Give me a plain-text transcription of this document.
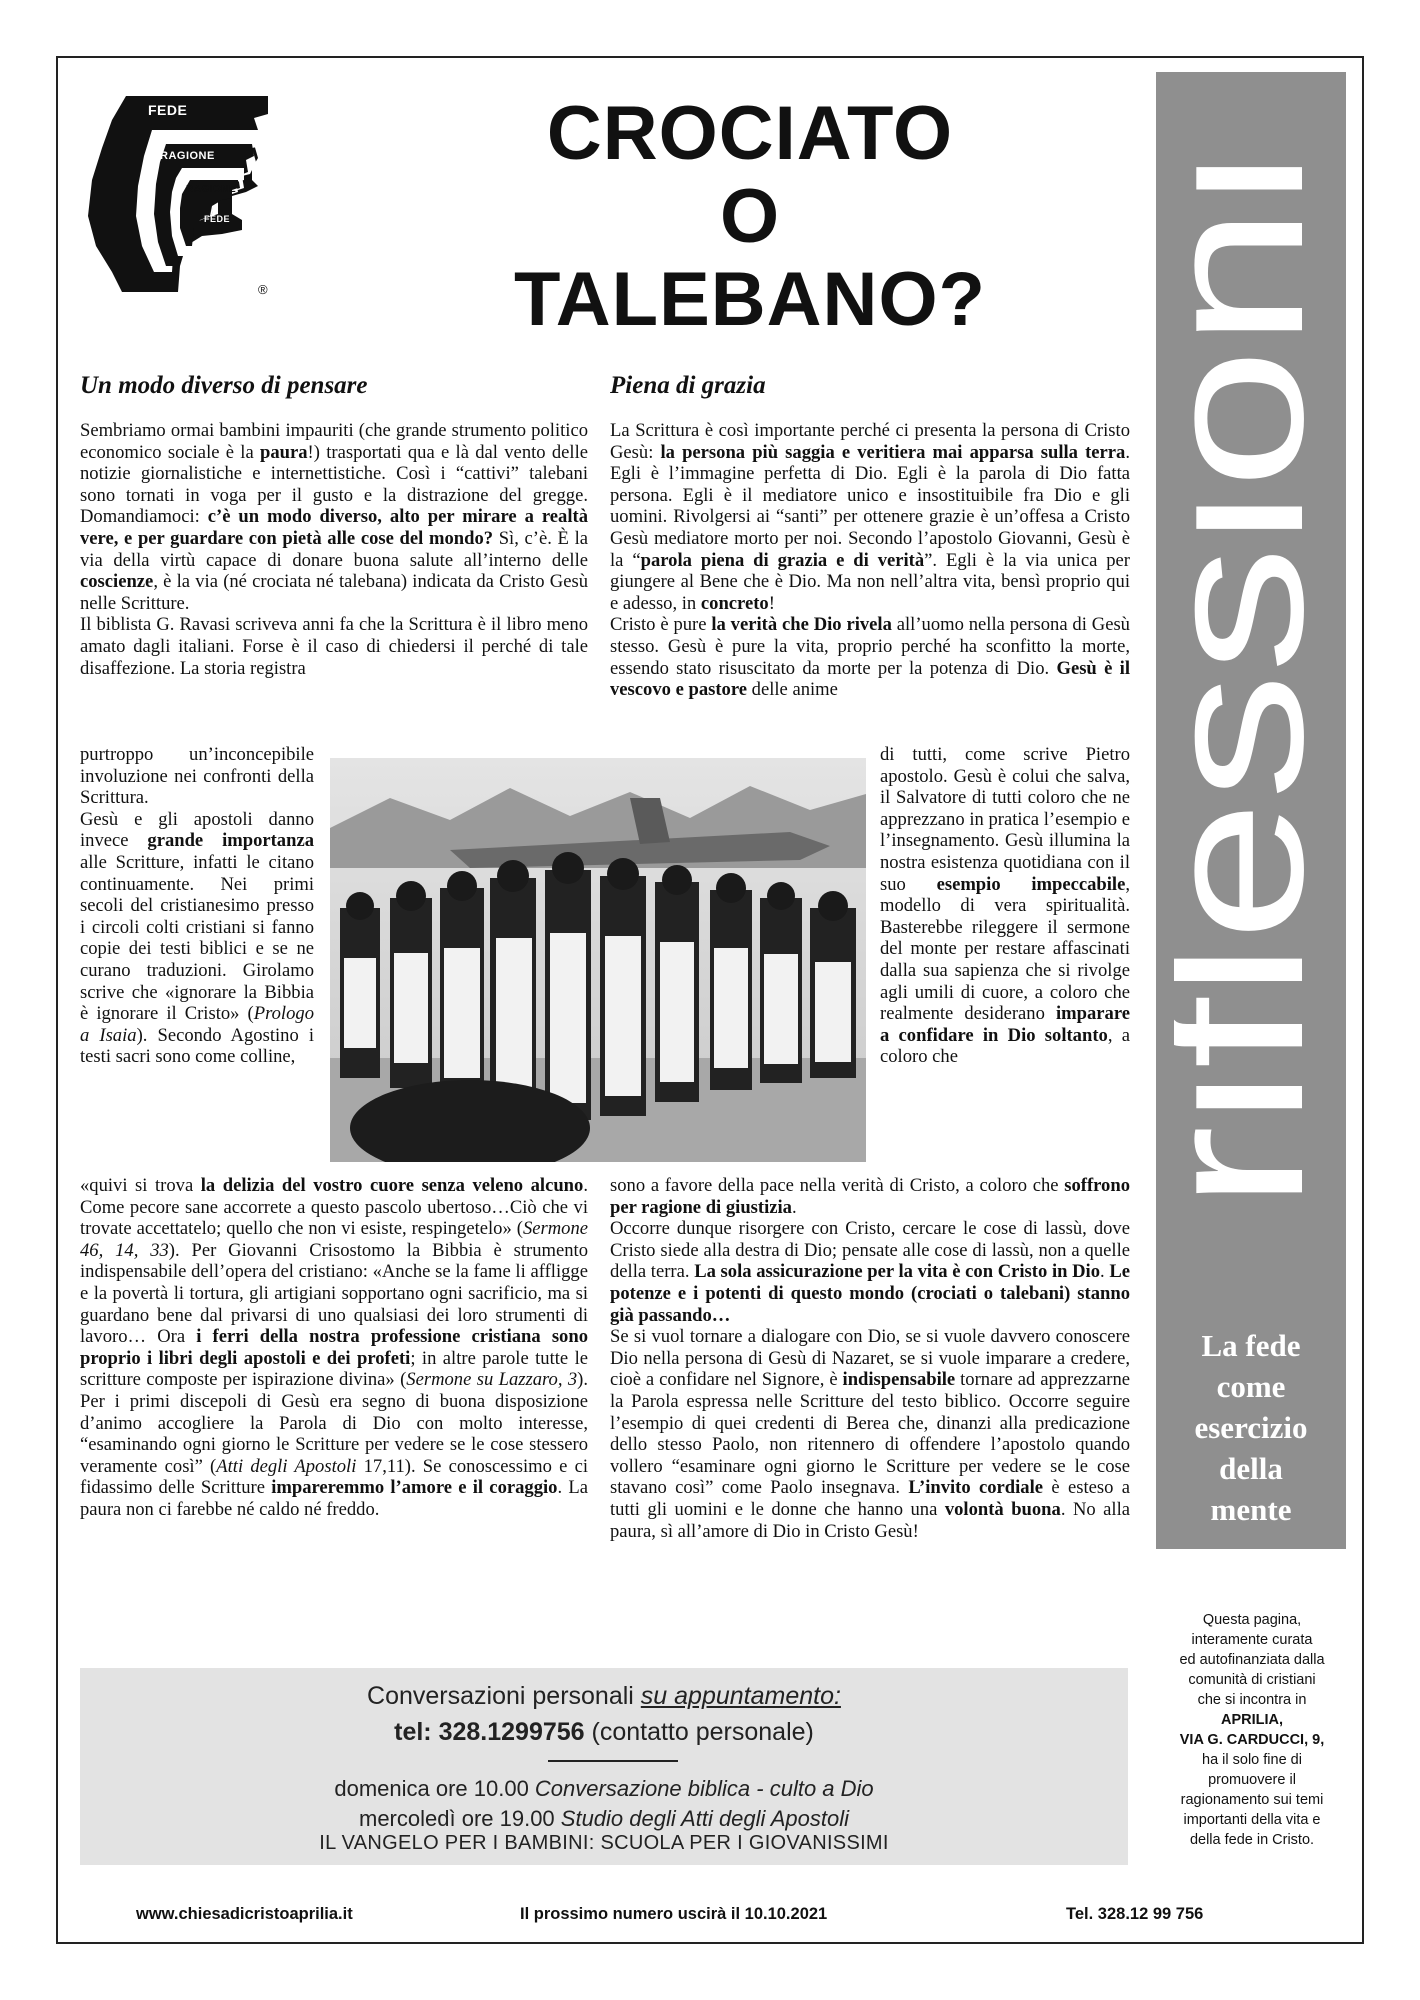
FEDE
RAGIONE
RAGIONE
FEDE
®
CROCIATO
O
TALEBANO?
Un modo diverso di pensare	Piena di grazia

Sembriamo ormai bambini impauriti (che grande strumento politico economico sociale è la paura!) trasportati qua e là dal vento delle notizie giornalistiche e internettistiche. Così i “cattivi” talebani sono tornati in voga per il gusto e la distrazione del gregge. Domandiamoci: c’è un modo diverso, alto per mirare a realtà vere, e per guardare con pietà alle cose del mondo? Sì, c’è. È la via della virtù capace di donare buona salute all’interno delle coscienze, è la via (né crociata né talebana) indicata da Cristo Gesù nelle Scritture.

Il biblista G. Ravasi scriveva anni fa che la Scrittura è il libro meno amato dagli italiani. Forse è il caso di chiedersi il perché di tale disaffezione. La storia registra

purtroppo un’inconcepibile involuzione nei confronti della Scrittura.
Gesù e gli apostoli danno invece grande importanza alle Scritture, infatti le citano continuamente. Nei primi secoli del cristianesimo presso i circoli colti cristiani si fanno copie dei testi biblici e se ne curano traduzioni. Girolamo scrive che «ignorare la Bibbia è ignorare il Cristo» (Prologo a Isaia). Secondo Agostino i testi sacri sono come colline,

«quivi si trova la delizia del vostro cuore senza veleno alcuno. Come pecore sane accorrete a questo pascolo ubertoso…Ciò che vi trovate accettatelo; quello che non vi esiste, respingetelo» (Sermone 46, 14, 33). Per Giovanni Crisostomo la Bibbia è strumento indispensabile dell’opera del cristiano: «Anche se la fame li affligge e la povertà li tortura, gli artigiani sopportano ogni sacrificio, ma si guardano bene dal privarsi di uno qualsiasi dei loro strumenti di lavoro… Ora i ferri della nostra professione cristiana sono proprio i libri degli apostoli e dei profeti; in altre parole tutte le scritture composte per ispirazione divina» (Sermone su Lazzaro, 3). Per i primi discepoli di Gesù era segno di buona disposizione d’animo accogliere la Parola di Dio con molto interesse, “esaminando ogni giorno le Scritture per vedere se le cose stessero veramente così” (Atti degli Apostoli 17,11). Se conoscessimo e ci fidassimo delle Scritture impareremmo l’amore e il coraggio. La paura non ci farebbe né caldo né freddo.

La Scrittura è così importante perché ci presenta la persona di Cristo Gesù: la persona più saggia e veritiera mai apparsa sulla terra. Egli è l’immagine perfetta di Dio. Egli è la parola di Dio fatta persona. Egli è il mediatore unico e insostituibile fra Dio e gli uomini. Rivolgersi ai “santi” per ottenere grazie è un’offesa a Cristo Gesù mediatore morto per noi. Secondo l’apostolo Giovanni, Gesù è la “parola piena di grazia e di verità”. Egli è la via unica per giungere al Bene che è Dio. Ma non nell’altra vita, bensì proprio qui e adesso, in concreto!

Cristo è pure la verità che Dio rivela all’uomo nella persona di Gesù stesso. Gesù è pure la vita, proprio perché ha sconfitto la morte, essendo stato risuscitato da morte per la potenza di Dio. Gesù è il vescovo e pastore delle anime

di tutti, come scrive Pietro apostolo. Gesù è colui che salva, il Salvatore di tutti coloro che ne apprezzano in pratica l’esempio e l’insegnamento. Gesù illumina la nostra esistenza quotidiana con il suo esempio impeccabile, modello di vera spiritualità. Basterebbe rileggere il sermone del monte per restare affascinati dalla sua sapienza che si rivolge agli umili di cuore, a coloro che realmente desiderano imparare a confidare in Dio soltanto, a coloro che

sono a favore della pace nella verità di Cristo, a coloro che soffrono per ragione di giustizia.

Occorre dunque risorgere con Cristo, cercare le cose di lassù, dove Cristo siede alla destra di Dio; pensate alle cose di lassù, non a quelle della terra. La sola assicurazione per la vita è con Cristo in Dio. Le potenze e i potenti di questo mondo (crociati o talebani) stanno già passando…

Se si vuol tornare a dialogare con Dio, se si vuole davvero conoscere Dio nella persona di Gesù di Nazaret, se si vuole imparare a credere, cioè a confidare nel Signore, è indispensabile tornare ad apprezzarne la Parola espressa nelle Scritture del testo biblico. Occorre seguire l’esempio di quei credenti di Berea che, dinanzi alla predicazione dello stesso Paolo, non ritennero di offendere l’apostolo quando vollero “esaminare ogni giorno le Scritture per vedere se le cose stavano così” come Paolo insegnava. L’invito cordiale è esteso a tutti gli uomini e le donne che hanno una volontà buona. No alla paura, sì all’amore di Dio in Cristo Gesù!

riflessioni
La fede
come
esercizio
della
mente
Questa pagina,
interamente curata
ed autofinanziata dalla
comunità di cristiani
che si incontra in
APRILIA,
VIA G. CARDUCCI, 9,
ha il solo fine di
promuovere il
ragionamento sui temi
importanti della vita e
della fede in Cristo.
Conversazioni personali su appuntamento:
tel: 328.1299756 (contatto personale)
domenica ore 10.00 Conversazione biblica - culto a Dio
mercoledì ore 19.00 Studio degli Atti degli Apostoli
IL VANGELO PER I BAMBINI: SCUOLA PER I GIOVANISSIMI
www.chiesadicristoaprilia.it	Il prossimo numero uscirà il 10.10.2021	Tel. 328.12 99 756
